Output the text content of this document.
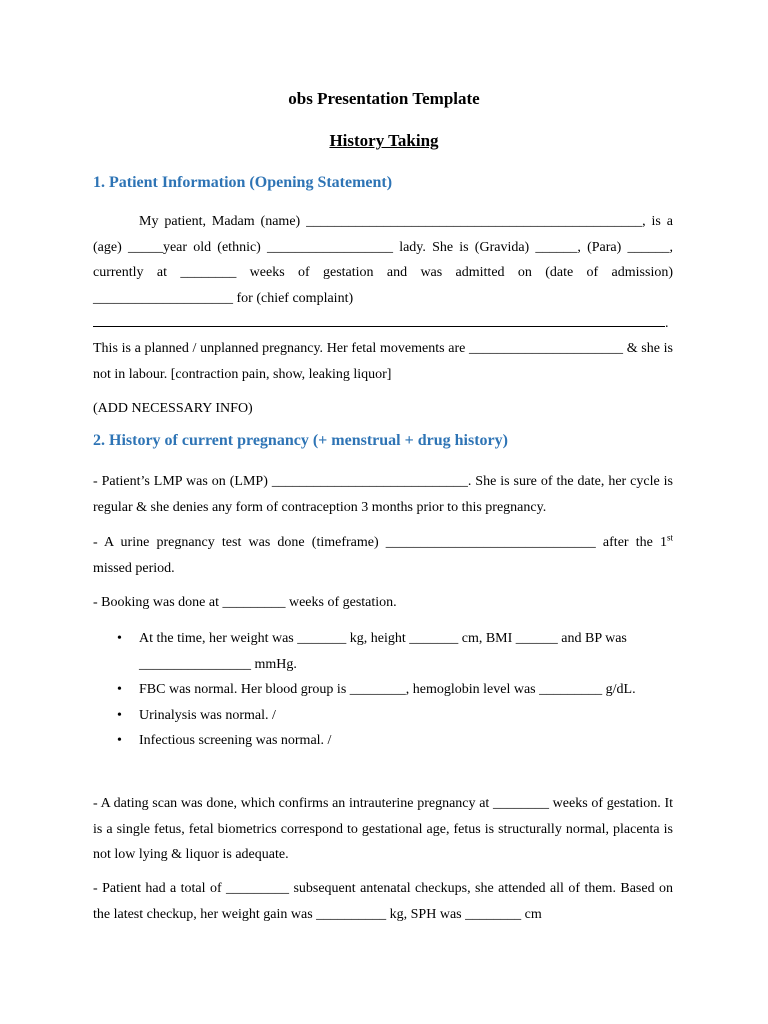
obs Presentation Template
History Taking
1. Patient Information (Opening Statement)
My patient, Madam (name) ________________________________________________, is a (age) _____year old (ethnic) __________________ lady. She is (Gravida) ______, (Para) ______, currently at ________ weeks of gestation and was admitted on (date of admission) ____________________ for (chief complaint)
.
This is a planned / unplanned pregnancy. Her fetal movements are ______________________ & she is not in labour. [contraction pain, show, leaking liquor]
(ADD NECESSARY INFO)
2. History of current pregnancy (+ menstrual + drug history)
- Patient’s LMP was on (LMP) ____________________________. She is sure of the date, her cycle is regular & she denies any form of contraception 3 months prior to this pregnancy.
- A urine pregnancy test was done (timeframe) ______________________________ after the 1st missed period.
- Booking was done at _________ weeks of gestation.
• At the time, her weight was _______ kg, height _______ cm, BMI ______ and BP was ________________ mmHg.
• FBC was normal. Her blood group is ________, hemoglobin level was _________ g/dL.
• Urinalysis was normal. /
• Infectious screening was normal. /
- A dating scan was done, which confirms an intrauterine pregnancy at ________ weeks of gestation. It is a single fetus, fetal biometrics correspond to gestational age, fetus is structurally normal, placenta is not low lying & liquor is adequate.
- Patient had a total of _________ subsequent antenatal checkups, she attended all of them. Based on the latest checkup, her weight gain was __________ kg, SPH was ________ cm
